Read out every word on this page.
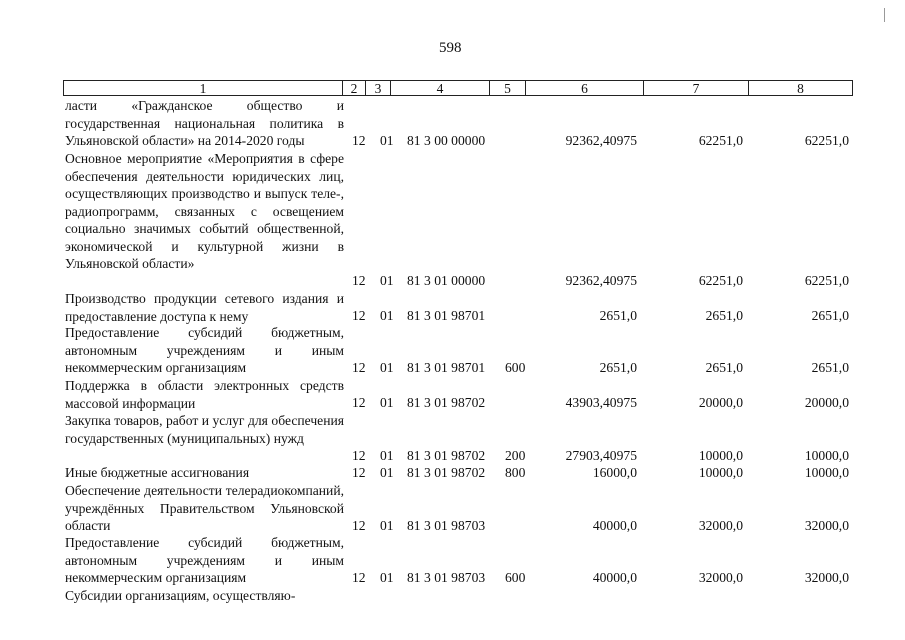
598
1	2	3	4	5	6	7	8
ласти «Гражданское общество и государственная национальная политика в Ульяновской области» на 2014-2020 годы	12 01 81 3 00 00000	92362,40975	62251,0	62251,0
Основное мероприятие «Мероприятия в сфере обеспечения деятельности юридических лиц, осуществляющих производство и выпуск теле-, радиопрограмм, связанных с освещением социально значимых событий общественной, экономической и культурной жизни в Ульяновской области»
12 01 81 3 01 00000	92362,40975	62251,0	62251,0
Производство продукции сетевого издания и предоставление доступа к нему	12 01 81 3 01 98701	2651,0	2651,0	2651,0
Предоставление субсидий бюджетным, автономным учреждениям и иным некоммерческим организациям	12 01 81 3 01 98701 600	2651,0	2651,0	2651,0
Поддержка в области электронных средств массовой информации	12 01 81 3 01 98702	43903,40975	20000,0	20000,0
Закупка товаров, работ и услуг для обеспечения государственных (муниципальных) нужд
12 01 81 3 01 98702 200	27903,40975	10000,0	10000,0
Иные бюджетные ассигнования	12 01 81 3 01 98702 800	16000,0	10000,0	10000,0
Обеспечение деятельности телерадиокомпаний, учреждённых Правительством Ульяновской области	12 01 81 3 01 98703	40000,0	32000,0	32000,0
Предоставление субсидий бюджетным, автономным учреждениям и иным некоммерческим организациям	12 01 81 3 01 98703 600	40000,0	32000,0	32000,0
Субсидии организациям, осуществляю-
